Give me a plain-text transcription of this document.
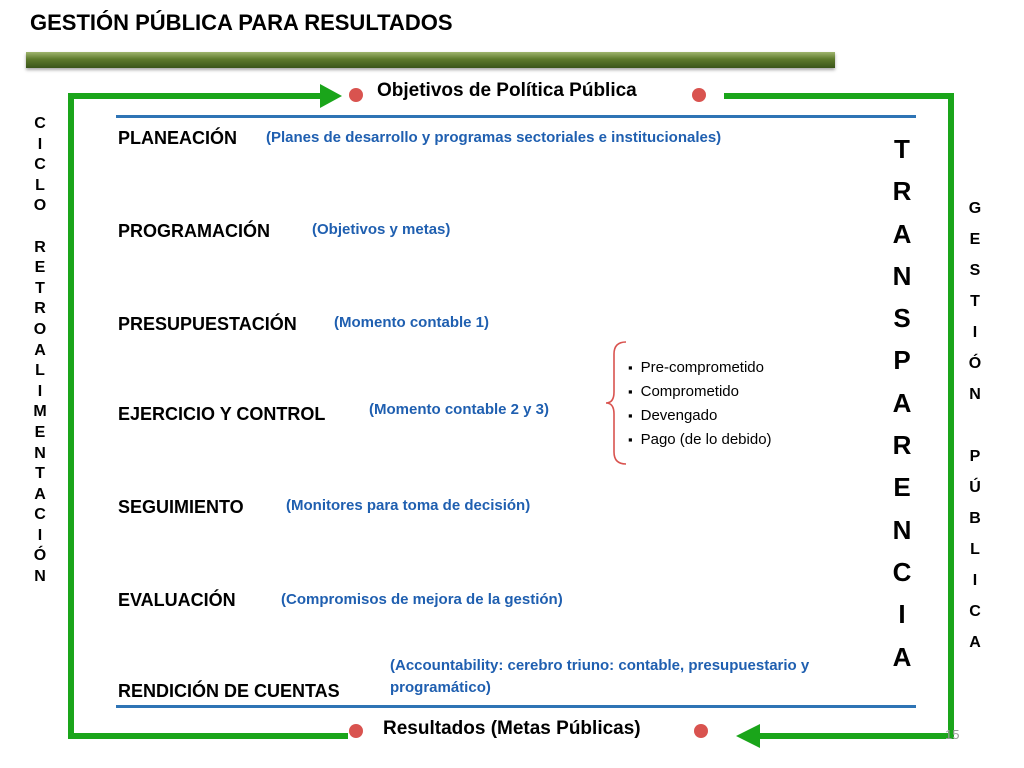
GESTIÓN PÚBLICA PARA RESULTADOS
Objetivos de Política Pública
Resultados (Metas Públicas)
PLANEACIÓN (Planes de desarrollo y programas sectoriales e institucionales)
PROGRAMACIÓN	(Objetivos y metas)
PRESUPUESTACIÓN (Momento contable 1)
EJERCICIO Y CONTROL	(Momento contable 2 y 3)
SEGUIMIENTO	(Monitores para toma de decisión)
EVALUACIÓN	(Compromisos de mejora de la gestión)
RENDICIÓN DE CUENTAS
(Accountability: cerebro triuno: contable, presupuestario y programático)
▪ Pre-comprometido
▪ Comprometido
▪ Devengado
▪ Pago (de lo debido)
C
I
C
L
O

R
E
T
R
O
A
L
I
M
E
N
T
A
C
I
Ó
N
T
R
A
N
S
P
A
R
E
N
C
I
A
G
E
S
T
I
Ó
N

P
Ú
B
L
I
C
A
15
